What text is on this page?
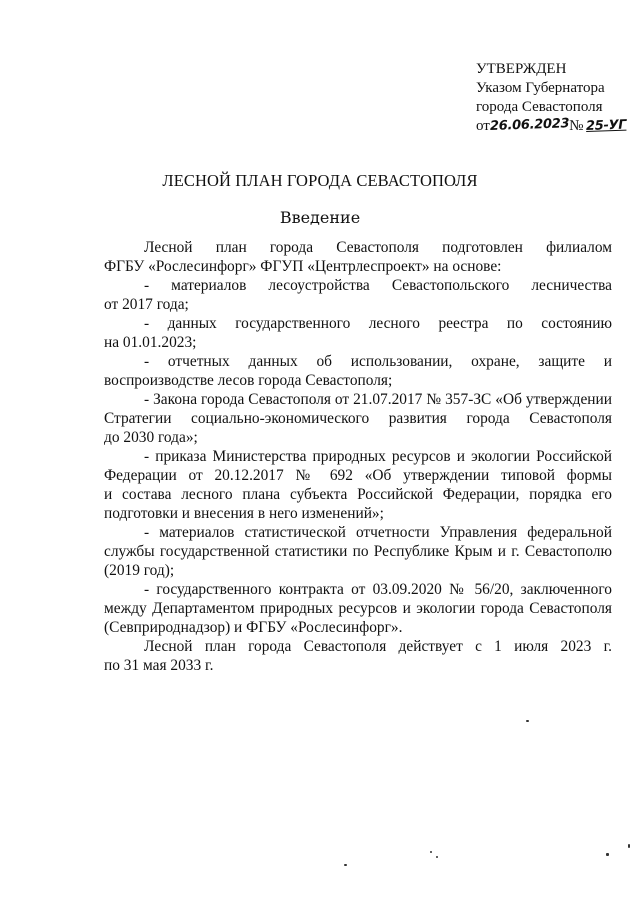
УТВЕРЖДЕН
Указом Губернатора
города Севастополя
от26.06.2023№ 25-УГ
ЛЕСНОЙ ПЛАН ГОРОДА СЕВАСТОПОЛЯ
Введение
Лесной план города Севастополя подготовлен филиалом
ФГБУ «Рослесинфорг» ФГУП «Центрлеспроект» на основе:
- материалов лесоустройства Севастопольского лесничества
от 2017 года;
- данных государственного лесного реестра по состоянию
на 01.01.2023;
- отчетных данных об использовании, охране, защите и
воспроизводстве лесов города Севастополя;
- Закона города Севастополя от 21.07.2017 № 357-ЗС «Об утверждении
Стратегии социально-экономического развития города Севастополя
до 2030 года»;
- приказа Министерства природных ресурсов и экологии Российской
Федерации от 20.12.2017 № 692 «Об утверждении типовой формы
и состава лесного плана субъекта Российской Федерации, порядка его
подготовки и внесения в него изменений»;
- материалов статистической отчетности Управления федеральной
службы государственной статистики по Республике Крым и г. Севастополю
(2019 год);
- государственного контракта от 03.09.2020 № 56/20, заключенного
между Департаментом природных ресурсов и экологии города Севастополя
(Севприроднадзор) и ФГБУ «Рослесинфорг».
Лесной план города Севастополя действует с 1 июля 2023 г.
по 31 мая 2033 г.
